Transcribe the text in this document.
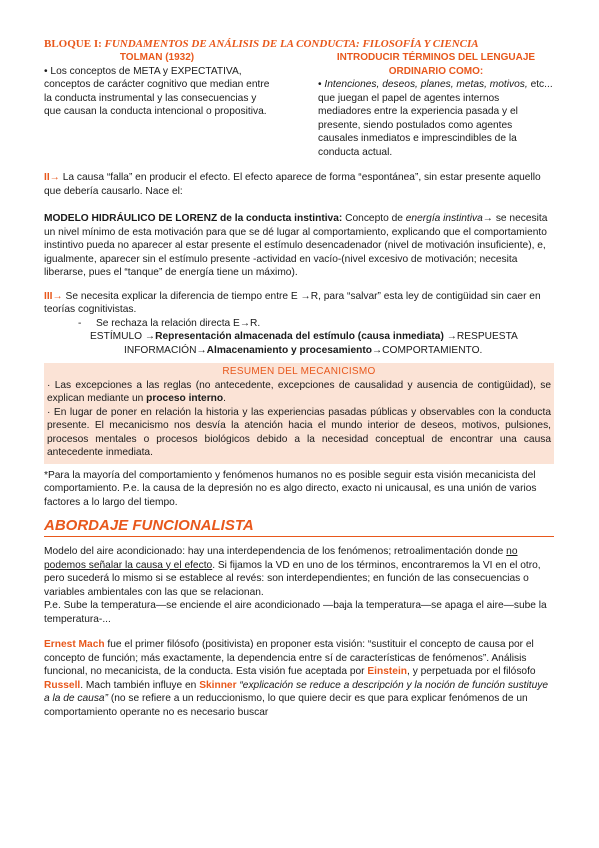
BLOQUE I: FUNDAMENTOS DE ANÁLISIS DE LA CONDUCTA: FILOSOFÍA Y CIENCIA
TOLMAN (1932)

• Los conceptos de META y EXPECTATIVA, conceptos de carácter cognitivo que median entre la conducta instrumental y las consecuencias y que causan la conducta intencional o propositiva.

INTRODUCIR TÉRMINOS DEL LENGUAJE ORDINARIO COMO:

• Intenciones, deseos, planes, metas, motivos, etc... que juegan el papel de agentes internos mediadores entre la experiencia pasada y el presente, siendo postulados como agentes causales inmediatos e imprescindibles de la conducta actual.

II→ La causa “falla” en producir el efecto. El efecto aparece de forma “espontánea”, sin estar presente aquello que debería causarlo. Nace el:

MODELO HIDRÁULICO DE LORENZ de la conducta instintiva: Concepto de energía instintiva→ se necesita un nivel mínimo de esta motivación para que se dé lugar al comportamiento, explicando que el comportamiento instintivo pueda no aparecer al estar presente el estímulo desencadenador (nivel de motivación insuficiente), e, igualmente, aparecer sin el estímulo presente -actividad en vacío-(nivel excesivo de motivación; necesita liberarse, pues el “tanque” de energía tiene un máximo).

III→ Se necesita explicar la diferencia de tiempo entre E →R, para “salvar” esta ley de contigüidad sin caer en teorías cognitivistas.

- Se rechaza la relación directa E→R.

ESTÍMULO →Representación almacenada del estímulo (causa inmediata) →RESPUESTA

INFORMACIÓN→Almacenamiento y procesamiento→COMPORTAMIENTO.

RESUMEN DEL MECANICISMO

· Las excepciones a las reglas (no antecedente, excepciones de causalidad y ausencia de contigüidad), se explican mediante un proceso interno.

· En lugar de poner en relación la historia y las experiencias pasadas públicas y observables con la conducta presente. El mecanicismo nos desvía la atención hacia el mundo interior de deseos, motivos, pulsiones, procesos mentales o procesos biológicos debido a la necesidad conceptual de encontrar una causa antecedente inmediata.

*Para la mayoría del comportamiento y fenómenos humanos no es posible seguir esta visión mecanicista del comportamiento. P.e. la causa de la depresión no es algo directo, exacto ni unicausal, es una unión de varios factores a lo largo del tiempo.

ABORDAJE FUNCIONALISTA

Modelo del aire acondicionado: hay una interdependencia de los fenómenos; retroalimentación donde no podemos señalar la causa y el efecto. Si fijamos la VD en uno de los términos, encontraremos la VI en el otro, pero sucederá lo mismo si se establece al revés: son interdependientes; en función de las consecuencias o variables ambientales con las que se relacionan.

P.e. Sube la temperatura—se enciende el aire acondicionado —baja la temperatura—se apaga el aire—sube la temperatura-...

Ernest Mach fue el primer filósofo (positivista) en proponer esta visión: “sustituir el concepto de causa por el concepto de función; más exactamente, la dependencia entre sí de características de fenómenos”. Análisis funcional, no mecanicista, de la conducta. Esta visión fue aceptada por Einstein, y perpetuada por el filósofo Russell. Mach también influye en Skinner “explicación se reduce a descripción y la noción de función sustituye a la de causa” (no se refiere a un reduccionismo, lo que quiere decir es que para explicar fenómenos de un comportamiento operante no es necesario buscar
